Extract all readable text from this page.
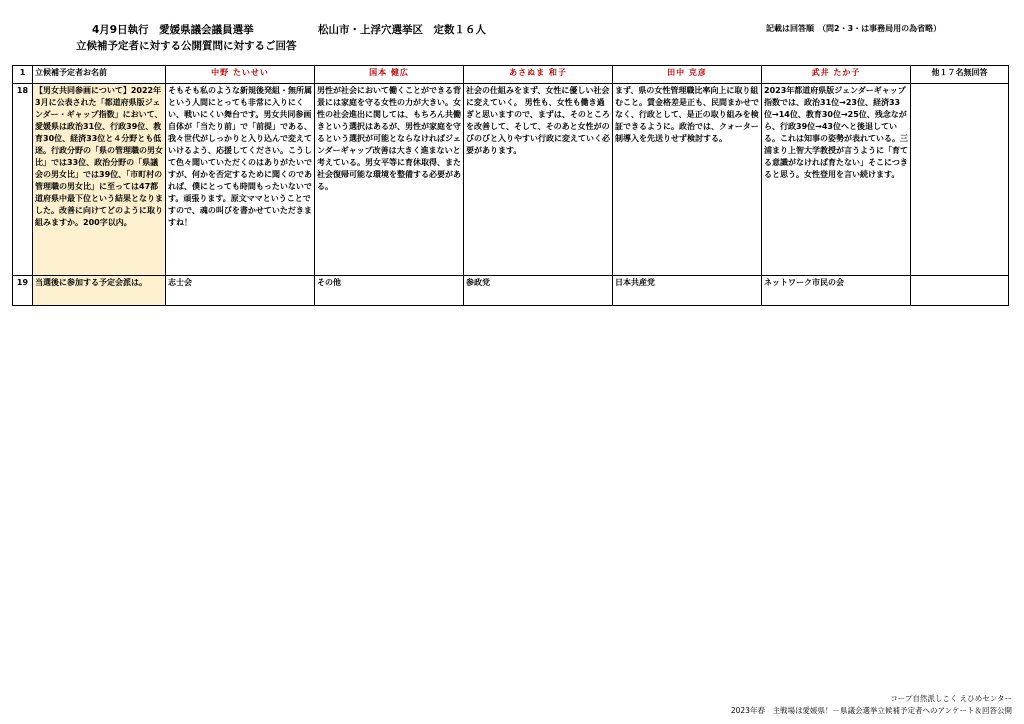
4月9日執行　愛媛県議会議員選挙	松山市・上浮穴選挙区　定数１６人	記載は回答順　（問2・3・は事務局用の為省略）
立候補予定者に対する公開質問に対するご回答
1	立候補予定者お名前	中野 たいせい	国本 健広	あさぬま 和子	田中 克彦	武井 たか子	他１７名無回答
18	【男女共同参画について】2022年3月に公表された「都道府県版ジェンダー・ギャップ指数」において、愛媛県は政治31位、行政39位、教育30位、経済33位と４分野とも低迷。行政分野の「県の管理職の男女比」では33位、政治分野の「県議会の男女比」では39位、「市町村の管理職の男女比」に至っては47都道府県中最下位という結果となりました。改善に向けてどのように取り組みますか。200字以内。	そもそも私のような新規後発組・無所属という人間にとっても非常に入りにくい、戦いにくい舞台です。男女共同参画自体が「当たり前」で「前提」である、我々世代がしっかりと入り込んで変えていけるよう、応援してください。こうして色々聞いていただくのはありがたいですが、何かを否定するために聞くのであれば、僕にとっても時間もったいないです。頑張ります。原文ママということですので、魂の叫びを書かせていただきますね！	男性が社会において働くことができる背景には家庭を守る女性の力が大きい。女性の社会進出に関しては、もちろん共働きという選択はあるが、男性が家庭を守るという選択が可能とならなければジェンダーギャップ改善は大きく進まないと考えている。男女平等に育休取得、また社会復帰可能な環境を整備する必要がある。	社会の仕組みをまず、女性に優しい社会に変えていく。 男性も、女性も働き過ぎと思いますので、まずは、そのところを改善して、そして、そのあと女性がのびのびと入りやすい行政に変えていく必要があります。	まず、県の女性管理職比率向上に取り組むこと。賃金格差是正も、民間まかせでなく、行政として、是正の取り組みを検証できるように。政治では、クォーター制導入を先送りせず検討する。	2023年都道府県版ジェンダーギャップ指数では、政治31位→23位、経済33位→14位、教育30位→25位、残念ながら、行政39位→43位へと後退している。これは知事の姿勢が表れている。三浦まり上智大学教授が言うように「育てる意識がなければ育たない」そこにつきると思う。女性登用を言い続けます。	
19	当選後に参加する予定会派は。	志士会	その他	参政党	日本共産党	ネットワーク市民の会	
コープ自然派しこく えひめセンター
2023年春　主戦場は愛媛県！－県議会選挙立候補予定者へのアンケート＆回答公開
